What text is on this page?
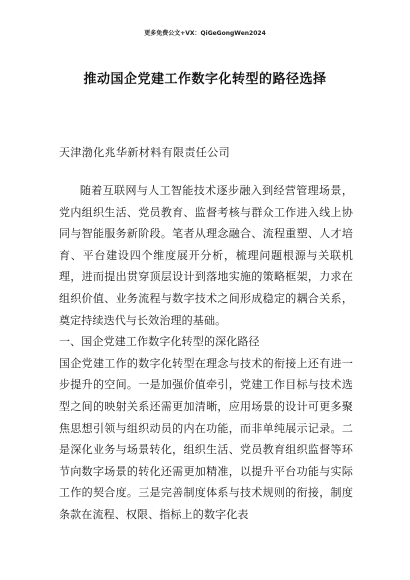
更多免费公文+VX：QiGeGongWen2024
推动国企党建工作数字化转型的路径选择
天津渤化兆华新材料有限责任公司

随着互联网与人工智能技术逐步融入到经营管理场景，党内组织生活、党员教育、监督考核与群众工作进入线上协同与智能服务新阶段。笔者从理念融合、流程重塑、人才培育、平台建设四个维度展开分析，梳理问题根源与关联机理，进而提出贯穿顶层设计到落地实施的策略框架，力求在组织价值、业务流程与数字技术之间形成稳定的耦合关系，奠定持续迭代与长效治理的基础。

一、国企党建工作数字化转型的深化路径

国企党建工作的数字化转型在理念与技术的衔接上还有进一步提升的空间。一是加强价值牵引，党建工作目标与技术选型之间的映射关系还需更加清晰，应用场景的设计可更多聚焦思想引领与组织动员的内在功能，而非单纯展示记录。二是深化业务与场景转化，组织生活、党员教育组织监督等环节向数字场景的转化还需更加精准，以提升平台功能与实际工作的契合度。三是完善制度体系与技术规则的衔接，制度条款在流程、权限、指标上的数字化表
